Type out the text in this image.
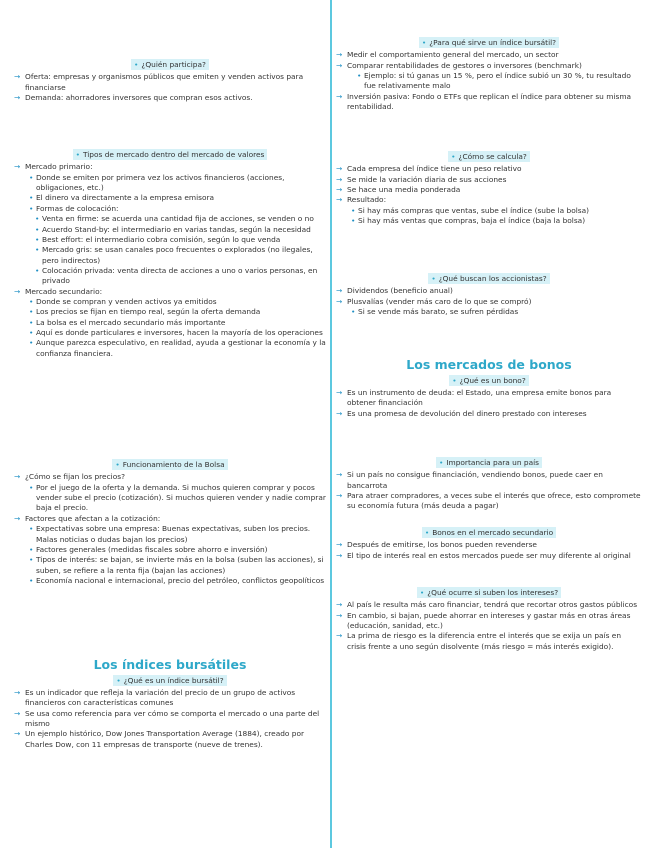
• ¿Quién participa?
→ Oferta: empresas y organismos públicos que emiten y venden activos para financiarse
→ Demanda: ahorradores inversores que compran esos activos.
• Tipos de mercado dentro del mercado de valores
→ Mercado primario:
• Donde se emiten por primera vez los activos financieros (acciones, obligaciones, etc.)
• El dinero va directamente a la empresa emisora
• Formas de colocación:
• Venta en firme: se acuerda una cantidad fija de acciones, se venden o no
• Acuerdo Stand-by: el intermediario en varias tandas, según la necesidad
• Best effort: el intermediario cobra comisión, según lo que venda
• Mercado gris: se usan canales poco frecuentes o explorados (no ilegales, pero indirectos)
• Colocación privada: venta directa de acciones a uno o varios personas, en privado
→ Mercado secundario:
• Donde se compran y venden activos ya emitidos
• Los precios se fijan en tiempo real, según la oferta demanda
• La bolsa es el mercado secundario más importante
• Aquí es donde particulares e inversores, hacen la mayoría de los operaciones
• Aunque parezca especulativo, en realidad, ayuda a gestionar la economía y la confianza financiera.
• Funcionamiento de la Bolsa
→ ¿Cómo se fijan los precios?
• Por el juego de la oferta y la demanda. Si muchos quieren comprar y pocos vender sube el precio (cotización). Si muchos quieren vender y nadie comprar baja el precio.
→ Factores que afectan a la cotización:
• Expectativas sobre una empresa: Buenas expectativas, suben los precios. Malas noticias o dudas bajan los precios)
• Factores generales (medidas fiscales sobre ahorro e inversión)
• Tipos de interés: se bajan, se invierte más en la bolsa (suben las acciones), si suben, se refiere a la renta fija (bajan las acciones)
• Economía nacional e internacional, precio del petróleo, conflictos geopolíticos
Los índices bursátiles
• ¿Qué es un índice bursátil?
→ Es un indicador que refleja la variación del precio de un grupo de activos financieros con características comunes
→ Se usa como referencia para ver cómo se comporta el mercado o una parte del mismo
→ Un ejemplo histórico, Dow Jones Transportation Average (1884), creado por Charles Dow, con 11 empresas de transporte (nueve de trenes).
• ¿Para qué sirve un índice bursátil?
→ Medir el comportamiento general del mercado, un sector
→ Comparar rentabilidades de gestores o inversores (benchmark)
• Ejemplo: si tú ganas un 15 %, pero el índice subió un 30 %, tu resultado fue relativamente malo
→ Inversión pasiva: Fondo o ETFs que replican el índice para obtener su misma rentabilidad.
• ¿Cómo se calcula?
→ Cada empresa del índice tiene un peso relativo
→ Se mide la variación diaria de sus acciones
→ Se hace una media ponderada
→ Resultado:
• Si hay más compras que ventas, sube el índice (sube la bolsa)
• Si hay más ventas que compras, baja el índice (baja la bolsa)
• ¿Qué buscan los accionistas?
→ Dividendos (beneficio anual)
→ Plusvalías (vender más caro de lo que se compró)
• Si se vende más barato, se sufren pérdidas
Los mercados de bonos
• ¿Qué es un bono?
→ Es un instrumento de deuda: el Estado, una empresa emite bonos para obtener financiación
→ Es una promesa de devolución del dinero prestado con intereses
• Importancia para un país
→ Si un país no consigue financiación, vendiendo bonos, puede caer en bancarrota
→ Para atraer compradores, a veces sube el interés que ofrece, esto compromete su economía futura (más deuda a pagar)
• Bonos en el mercado secundario
→ Después de emitirse, los bonos pueden revenderse
→ El tipo de interés real en estos mercados puede ser muy diferente al original
• ¿Qué ocurre si suben los intereses?
→ Al país le resulta más caro financiar, tendrá que recortar otros gastos públicos
→ En cambio, si bajan, puede ahorrar en intereses y gastar más en otras áreas (educación, sanidad, etc.)
→ La prima de riesgo es la diferencia entre el interés que se exija un país en crisis frente a uno según disolvente (más riesgo = más interés exigido).
